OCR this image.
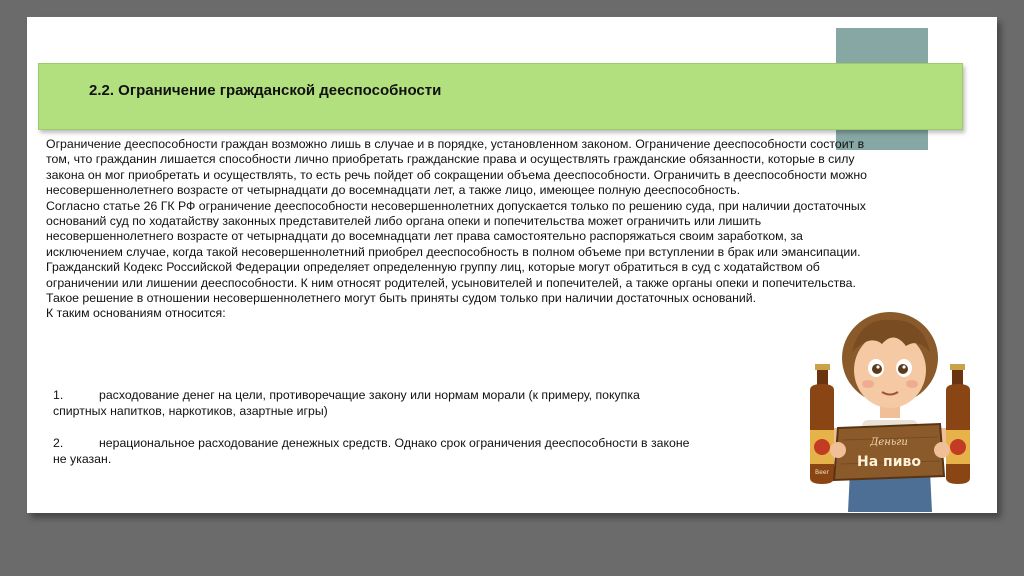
2.2. Ограничение гражданской дееспособности

Ограничение дееспособности граждан возможно лишь в случае и в порядке, установленном законом. Ограничение дееспособности состоит в том, что гражданин лишается способности лично приобретать гражданские права и осуществлять гражданские обязанности, которые в силу закона он мог приобретать и осуществлять, то есть речь пойдет об сокращении объема дееспособности. Ограничить в дееспособности можно несовершеннолетнего возрасте от четырнадцати до восемнадцати лет, а также лицо, имеющее полную дееспособность.

Согласно статье 26 ГК РФ ограничение дееспособности несовершеннолетних допускается только по решению суда, при наличии достаточных оснований суд по ходатайству законных представителей либо органа опеки и попечительства может ограничить или лишить несовершеннолетнего возрасте от четырнадцати до восемнадцати лет права самостоятельно распоряжаться своим заработком, за исключением случае, когда такой несовершеннолетний приобрел дееспособность в полном объеме при вступлении в брак или эмансипации.

Гражданский Кодекс Российской Федерации определяет определенную группу лиц, которые могут обратиться в суд с ходатайством об ограничении или лишении дееспособности. К ним относят родителей, усыновителей и попечителей, а также органы опеки и попечительства. Такое решение в отношении несовершеннолетнего могут быть приняты судом только при наличии достаточных оснований.

К таким основаниям относится:

1.	расходование денег на цели, противоречащие закону или нормам морали (к примеру, покупка спиртных напитков, наркотиков, азартные игры)
2.	нерациональное расходование денежных средств. Однако срок ограничения дееспособности в законе не указан.
Beer
Деньги
На пиво
